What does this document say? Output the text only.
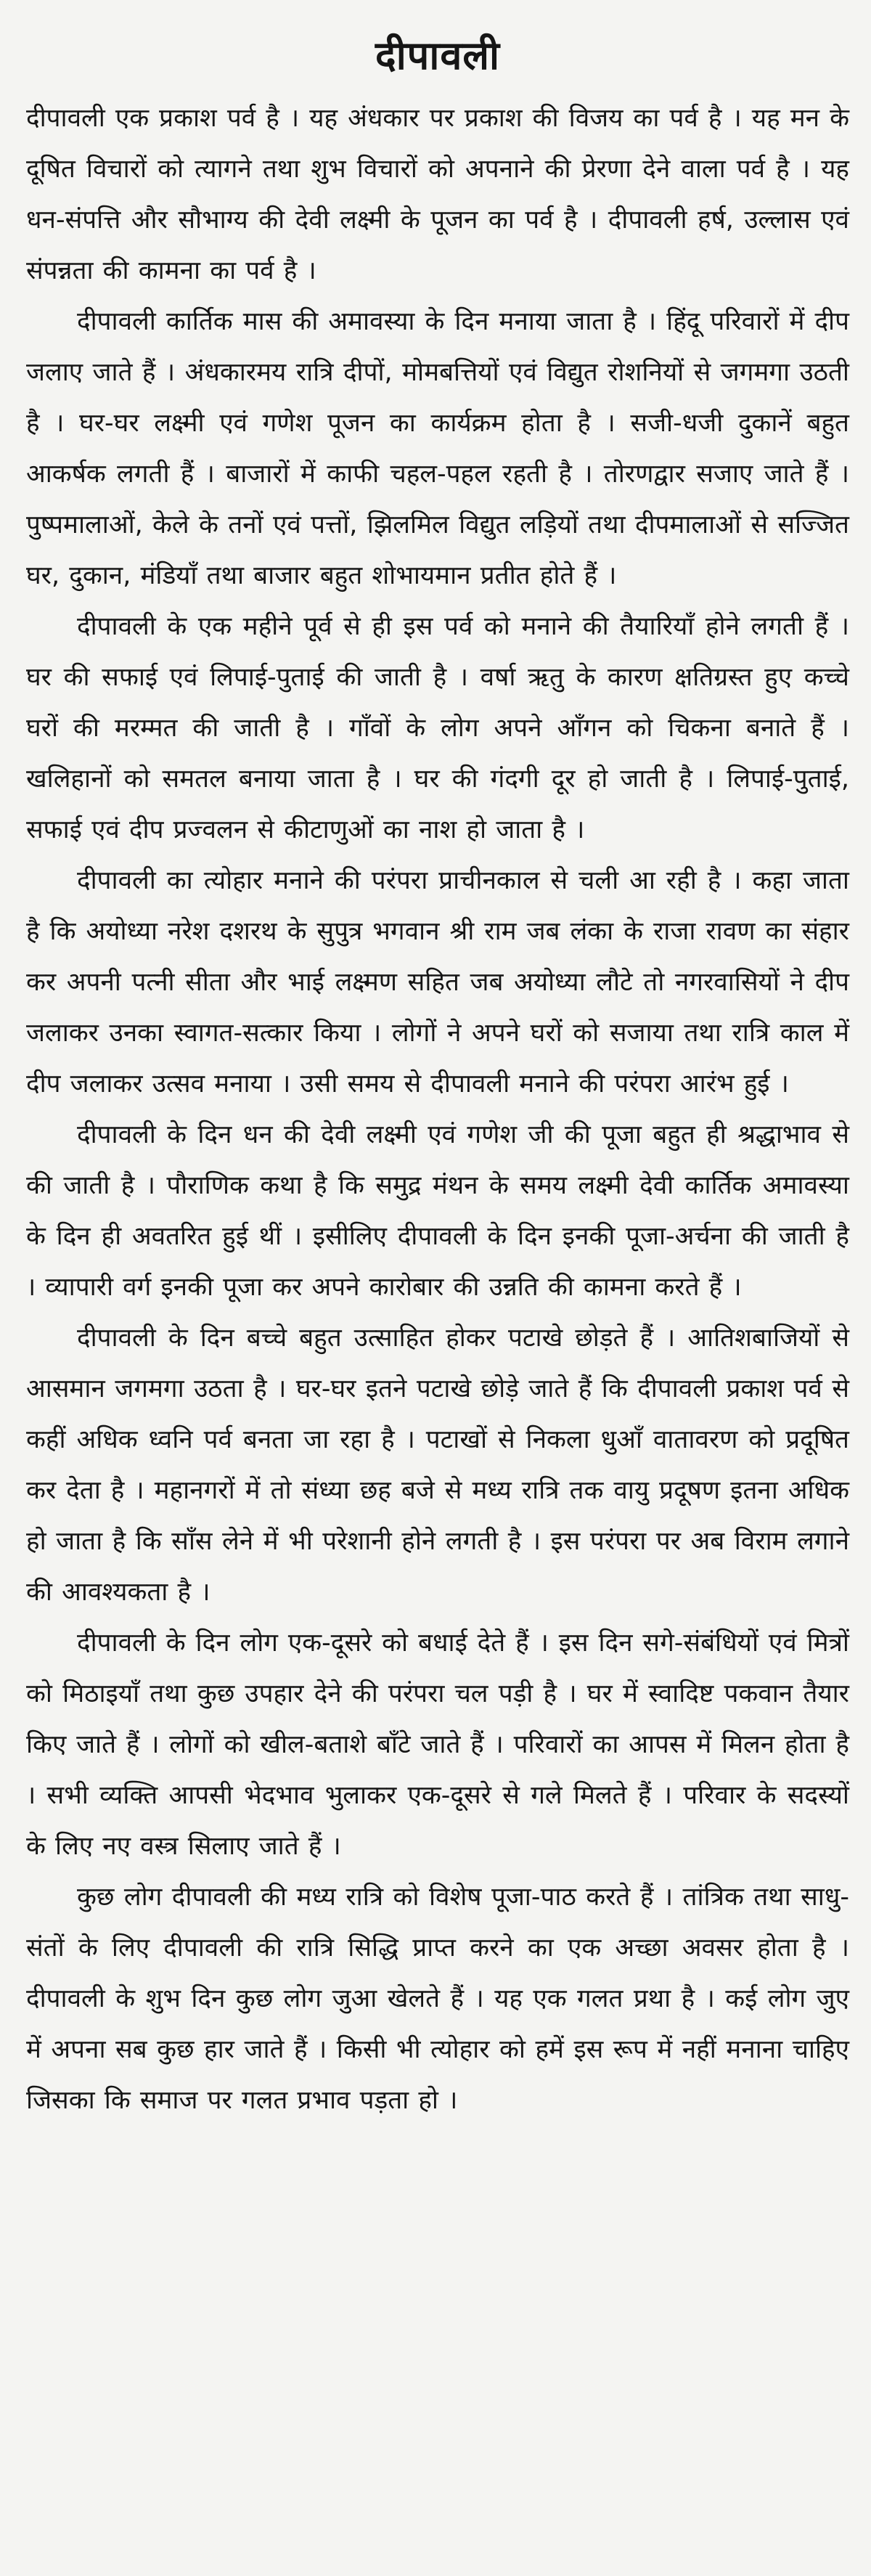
दीपावली

दीपावली एक प्रकाश पर्व है । यह अंधकार पर प्रकाश की विजय का पर्व है । यह मन के दूषित विचारों को त्यागने तथा शुभ विचारों को अपनाने की प्रेरणा देने वाला पर्व है । यह धन-संपत्ति और सौभाग्य की देवी लक्ष्मी के पूजन का पर्व है । दीपावली हर्ष, उल्लास एवं संपन्नता की कामना का पर्व है ।

दीपावली कार्तिक मास की अमावस्या के दिन मनाया जाता है । हिंदू परिवारों में दीप जलाए जाते हैं । अंधकारमय रात्रि दीपों, मोमबत्तियों एवं विद्युत रोशनियों से जगमगा उठती है । घर-घर लक्ष्मी एवं गणेश पूजन का कार्यक्रम होता है । सजी-धजी दुकानें बहुत आकर्षक लगती हैं । बाजारों में काफी चहल-पहल रहती है । तोरणद्वार सजाए जाते हैं । पुष्पमालाओं, केले के तनों एवं पत्तों, झिलमिल विद्युत लड़ियों तथा दीपमालाओं से सज्जित घर, दुकान, मंडियाँ तथा बाजार बहुत शोभायमान प्रतीत होते हैं ।

दीपावली के एक महीने पूर्व से ही इस पर्व को मनाने की तैयारियाँ होने लगती हैं । घर की सफाई एवं लिपाई-पुताई की जाती है । वर्षा ऋतु के कारण क्षतिग्रस्त हुए कच्चे घरों की मरम्मत की जाती है । गाँवों के लोग अपने आँगन को चिकना बनाते हैं । खलिहानों को समतल बनाया जाता है । घर की गंदगी दूर हो जाती है । लिपाई-पुताई, सफाई एवं दीप प्रज्वलन से कीटाणुओं का नाश हो जाता है ।

दीपावली का त्योहार मनाने की परंपरा प्राचीनकाल से चली आ रही है । कहा जाता है कि अयोध्या नरेश दशरथ के सुपुत्र भगवान श्री राम जब लंका के राजा रावण का संहार कर अपनी पत्नी सीता और भाई लक्ष्मण सहित जब अयोध्या लौटे तो नगरवासियों ने दीप जलाकर उनका स्वागत-सत्कार किया । लोगों ने अपने घरों को सजाया तथा रात्रि काल में दीप जलाकर उत्सव मनाया । उसी समय से दीपावली मनाने की परंपरा आरंभ हुई ।

दीपावली के दिन धन की देवी लक्ष्मी एवं गणेश जी की पूजा बहुत ही श्रद्धाभाव से की जाती है । पौराणिक कथा है कि समुद्र मंथन के समय लक्ष्मी देवी कार्तिक अमावस्या के दिन ही अवतरित हुई थीं । इसीलिए दीपावली के दिन इनकी पूजा-अर्चना की जाती है । व्यापारी वर्ग इनकी पूजा कर अपने कारोबार की उन्नति की कामना करते हैं ।

दीपावली के दिन बच्चे बहुत उत्साहित होकर पटाखे छोड़ते हैं । आतिशबाजियों से आसमान जगमगा उठता है । घर-घर इतने पटाखे छोड़े जाते हैं कि दीपावली प्रकाश पर्व से कहीं अधिक ध्वनि पर्व बनता जा रहा है । पटाखों से निकला धुआँ वातावरण को प्रदूषित कर देता है । महानगरों में तो संध्या छह बजे से मध्य रात्रि तक वायु प्रदूषण इतना अधिक हो जाता है कि साँस लेने में भी परेशानी होने लगती है । इस परंपरा पर अब विराम लगाने की आवश्यकता है ।

दीपावली के दिन लोग एक-दूसरे को बधाई देते हैं । इस दिन सगे-संबंधियों एवं मित्रों को मिठाइयाँ तथा कुछ उपहार देने की परंपरा चल पड़ी है । घर में स्वादिष्ट पकवान तैयार किए जाते हैं । लोगों को खील-बताशे बाँटे जाते हैं । परिवारों का आपस में मिलन होता है । सभी व्यक्ति आपसी भेदभाव भुलाकर एक-दूसरे से गले मिलते हैं । परिवार के सदस्यों के लिए नए वस्त्र सिलाए जाते हैं ।

कुछ लोग दीपावली की मध्य रात्रि को विशेष पूजा-पाठ करते हैं । तांत्रिक तथा साधु-संतों के लिए दीपावली की रात्रि सिद्धि प्राप्त करने का एक अच्छा अवसर होता है । दीपावली के शुभ दिन कुछ लोग जुआ खेलते हैं । यह एक गलत प्रथा है । कई लोग जुए में अपना सब कुछ हार जाते हैं । किसी भी त्योहार को हमें इस रूप में नहीं मनाना चाहिए जिसका कि समाज पर गलत प्रभाव पड़ता हो ।
